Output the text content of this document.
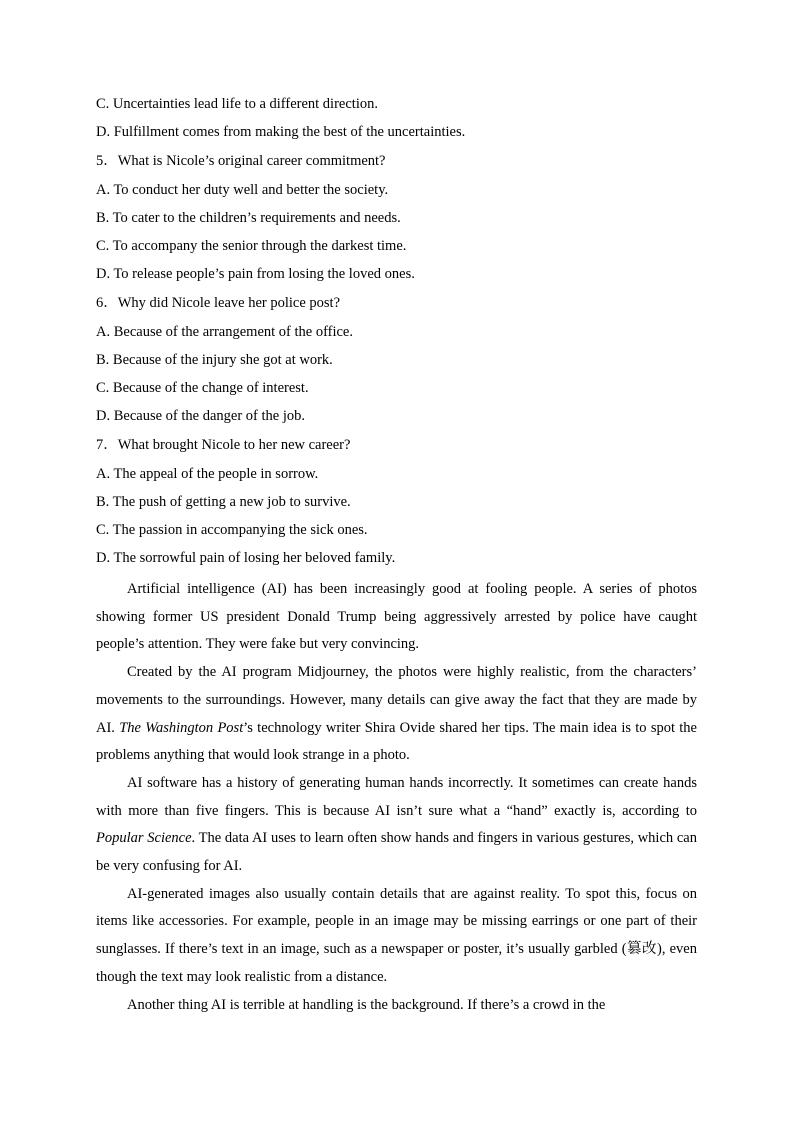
C. Uncertainties lead life to a different direction.
D. Fulfillment comes from making the best of the uncertainties.
5．What is Nicole’s original career commitment?
A. To conduct her duty well and better the society.
B. To cater to the children’s requirements and needs.
C. To accompany the senior through the darkest time.
D. To release people’s pain from losing the loved ones.
6．Why did Nicole leave her police post?
A. Because of the arrangement of the office.
B. Because of the injury she got at work.
C. Because of the change of interest.
D. Because of the danger of the job.
7．What brought Nicole to her new career?
A. The appeal of the people in sorrow.
B. The push of getting a new job to survive.
C. The passion in accompanying the sick ones.
D. The sorrowful pain of losing her beloved family.

Artificial intelligence (AI) has been increasingly good at fooling people. A series of photos showing former US president Donald Trump being aggressively arrested by police have caught people’s attention. They were fake but very convincing.

Created by the AI program Midjourney, the photos were highly realistic, from the characters’ movements to the surroundings. However, many details can give away the fact that they are made by AI. The Washington Post’s technology writer Shira Ovide shared her tips. The main idea is to spot the problems anything that would look strange in a photo.

AI software has a history of generating human hands incorrectly. It sometimes can create hands with more than five fingers. This is because AI isn’t sure what a “hand” exactly is, according to Popular Science. The data AI uses to learn often show hands and fingers in various gestures, which can be very confusing for AI.

AI-generated images also usually contain details that are against reality. To spot this, focus on items like accessories. For example, people in an image may be missing earrings or one part of their sunglasses. If there’s text in an image, such as a newspaper or poster, it’s usually garbled (篡改), even though the text may look realistic from a distance.

Another thing AI is terrible at handling is the background. If there’s a crowd in the
